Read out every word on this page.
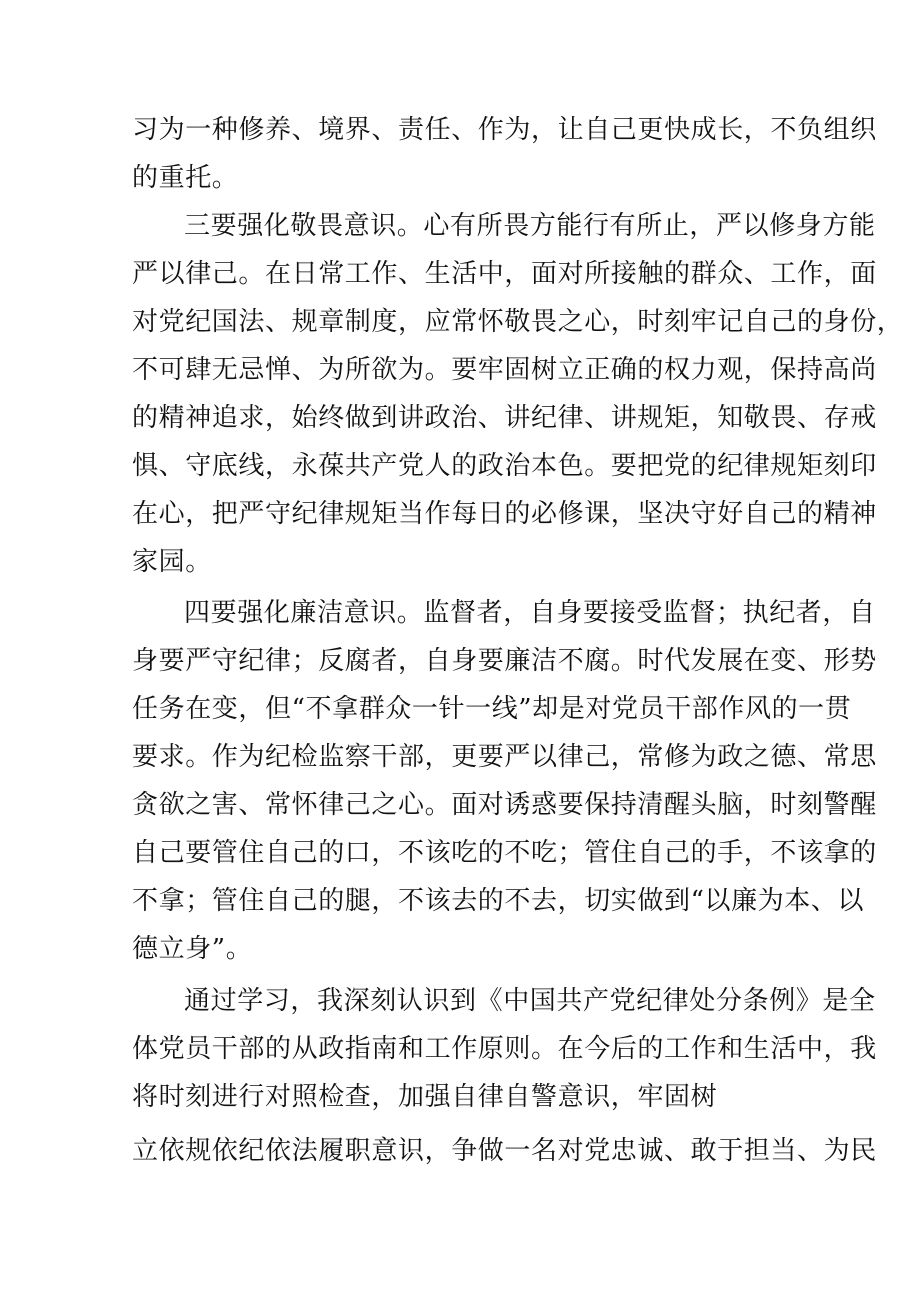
习为一种修养、境界、责任、作为，让自己更快成长，不负组织
的重托。
三要强化敬畏意识。心有所畏方能行有所止，严以修身方能
严以律己。在日常工作、生活中，面对所接触的群众、工作，面
对党纪国法、规章制度，应常怀敬畏之心，时刻牢记自己的身份，
不可肆无忌惮、为所欲为。要牢固树立正确的权力观，保持高尚
的精神追求，始终做到讲政治、讲纪律、讲规矩，知敬畏、存戒
惧、守底线，永葆共产党人的政治本色。要把党的纪律规矩刻印
在心，把严守纪律规矩当作每日的必修课，坚决守好自己的精神
家园。
四要强化廉洁意识。监督者，自身要接受监督；执纪者，自
身要严守纪律；反腐者，自身要廉洁不腐。时代发展在变、形势
任务在变，但“不拿群众一针一线”却是对党员干部作风的一贯
要求。作为纪检监察干部，更要严以律己，常修为政之德、常思
贪欲之害、常怀律己之心。面对诱惑要保持清醒头脑，时刻警醒
自己要管住自己的口，不该吃的不吃；管住自己的手，不该拿的
不拿；管住自己的腿，不该去的不去，切实做到“以廉为本、以
德立身”。
通过学习，我深刻认识到《中国共产党纪律处分条例》是全
体党员干部的从政指南和工作原则。在今后的工作和生活中，我
将时刻进行对照检查，加强自律自警意识，牢固树
立依规依纪依法履职意识，争做一名对党忠诚、敢于担当、为民
